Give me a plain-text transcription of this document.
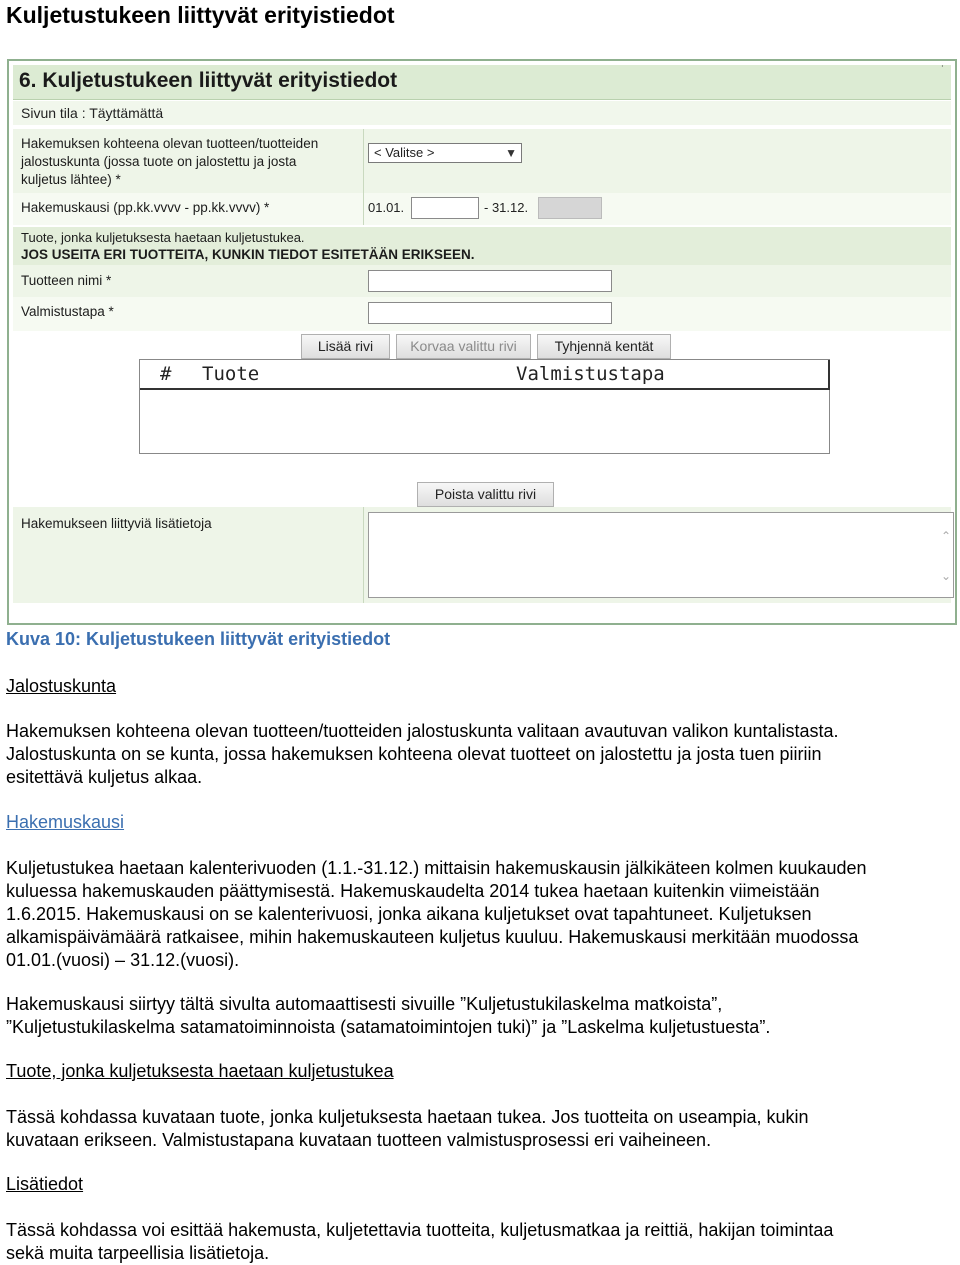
Kuljetustukeen liittyvät erityistiedot
6. Kuljetustukeen liittyvät erityistiedot	˙
Sivun tila : Täyttämättä
Hakemuksen kohteena olevan tuotteen/tuotteiden
jalostuskunta (jossa tuote on jalostettu ja josta
kuljetus lähtee) *
< Valitse >	▼
Hakemuskausi (pp.kk.vvvv - pp.kk.vvvv) *	01.01.	- 31.12.
Tuote, jonka kuljetuksesta haetaan kuljetustukea.
JOS USEITA ERI TUOTTEITA, KUNKIN TIEDOT ESITETÄÄN ERIKSEEN.
Tuotteen nimi *
Valmistustapa *
Lisää rivi	Korvaa valittu rivi	Tyhjennä kentät
# Tuote	Valmistustapa
Poista valittu rivi
Hakemukseen liittyviä lisätietoja
⌃
⌄

Kuva 10: Kuljetustukeen liittyvät erityistiedot

Jalostuskunta

Hakemuksen kohteena olevan tuotteen/tuotteiden jalostuskunta valitaan avautuvan valikon kuntalistasta.

Jalostuskunta on se kunta, jossa hakemuksen kohteena olevat tuotteet on jalostettu ja josta tuen piiriin

esitettävä kuljetus alkaa.

Hakemuskausi

Kuljetustukea haetaan kalenterivuoden (1.1.-31.12.) mittaisin hakemuskausin jälkikäteen kolmen kuukauden

kuluessa hakemuskauden päättymisestä. Hakemuskaudelta 2014 tukea haetaan kuitenkin viimeistään

1.6.2015. Hakemuskausi on se kalenterivuosi, jonka aikana kuljetukset ovat tapahtuneet. Kuljetuksen

alkamispäivämäärä ratkaisee, mihin hakemuskauteen kuljetus kuuluu. Hakemuskausi merkitään muodossa

01.01.(vuosi) – 31.12.(vuosi).

Hakemuskausi siirtyy tältä sivulta automaattisesti sivuille ”Kuljetustukilaskelma matkoista”,

”Kuljetustukilaskelma satamatoiminnoista (satamatoimintojen tuki)” ja ”Laskelma kuljetustuesta”.

Tuote, jonka kuljetuksesta haetaan kuljetustukea

Tässä kohdassa kuvataan tuote, jonka kuljetuksesta haetaan tukea. Jos tuotteita on useampia, kukin

kuvataan erikseen. Valmistustapana kuvataan tuotteen valmistusprosessi eri vaiheineen.

Lisätiedot

Tässä kohdassa voi esittää hakemusta, kuljetettavia tuotteita, kuljetusmatkaa ja reittiä, hakijan toimintaa

sekä muita tarpeellisia lisätietoja.
